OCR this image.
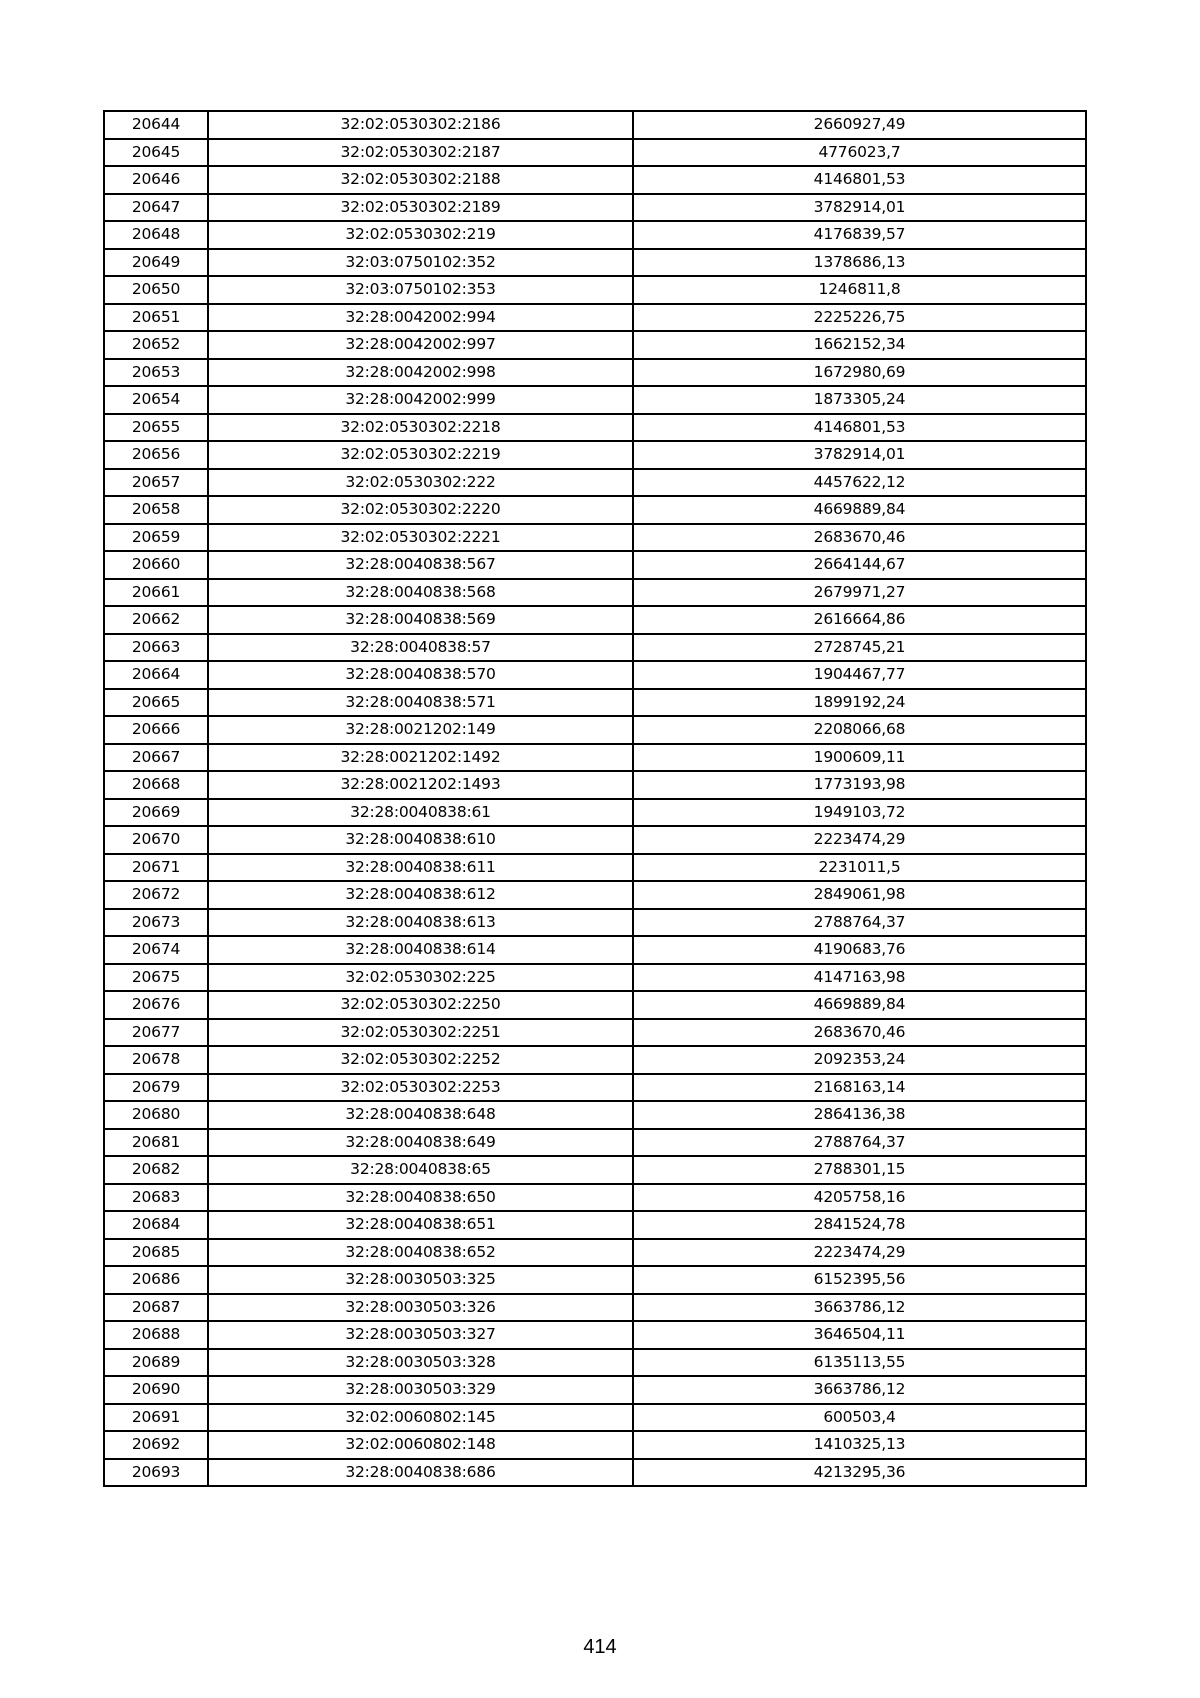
20644	32:02:0530302:2186	2660927,49
20645	32:02:0530302:2187	4776023,7
20646	32:02:0530302:2188	4146801,53
20647	32:02:0530302:2189	3782914,01
20648	32:02:0530302:219	4176839,57
20649	32:03:0750102:352	1378686,13
20650	32:03:0750102:353	1246811,8
20651	32:28:0042002:994	2225226,75
20652	32:28:0042002:997	1662152,34
20653	32:28:0042002:998	1672980,69
20654	32:28:0042002:999	1873305,24
20655	32:02:0530302:2218	4146801,53
20656	32:02:0530302:2219	3782914,01
20657	32:02:0530302:222	4457622,12
20658	32:02:0530302:2220	4669889,84
20659	32:02:0530302:2221	2683670,46
20660	32:28:0040838:567	2664144,67
20661	32:28:0040838:568	2679971,27
20662	32:28:0040838:569	2616664,86
20663	32:28:0040838:57	2728745,21
20664	32:28:0040838:570	1904467,77
20665	32:28:0040838:571	1899192,24
20666	32:28:0021202:149	2208066,68
20667	32:28:0021202:1492	1900609,11
20668	32:28:0021202:1493	1773193,98
20669	32:28:0040838:61	1949103,72
20670	32:28:0040838:610	2223474,29
20671	32:28:0040838:611	2231011,5
20672	32:28:0040838:612	2849061,98
20673	32:28:0040838:613	2788764,37
20674	32:28:0040838:614	4190683,76
20675	32:02:0530302:225	4147163,98
20676	32:02:0530302:2250	4669889,84
20677	32:02:0530302:2251	2683670,46
20678	32:02:0530302:2252	2092353,24
20679	32:02:0530302:2253	2168163,14
20680	32:28:0040838:648	2864136,38
20681	32:28:0040838:649	2788764,37
20682	32:28:0040838:65	2788301,15
20683	32:28:0040838:650	4205758,16
20684	32:28:0040838:651	2841524,78
20685	32:28:0040838:652	2223474,29
20686	32:28:0030503:325	6152395,56
20687	32:28:0030503:326	3663786,12
20688	32:28:0030503:327	3646504,11
20689	32:28:0030503:328	6135113,55
20690	32:28:0030503:329	3663786,12
20691	32:02:0060802:145	600503,4
20692	32:02:0060802:148	1410325,13
20693	32:28:0040838:686	4213295,36
414
